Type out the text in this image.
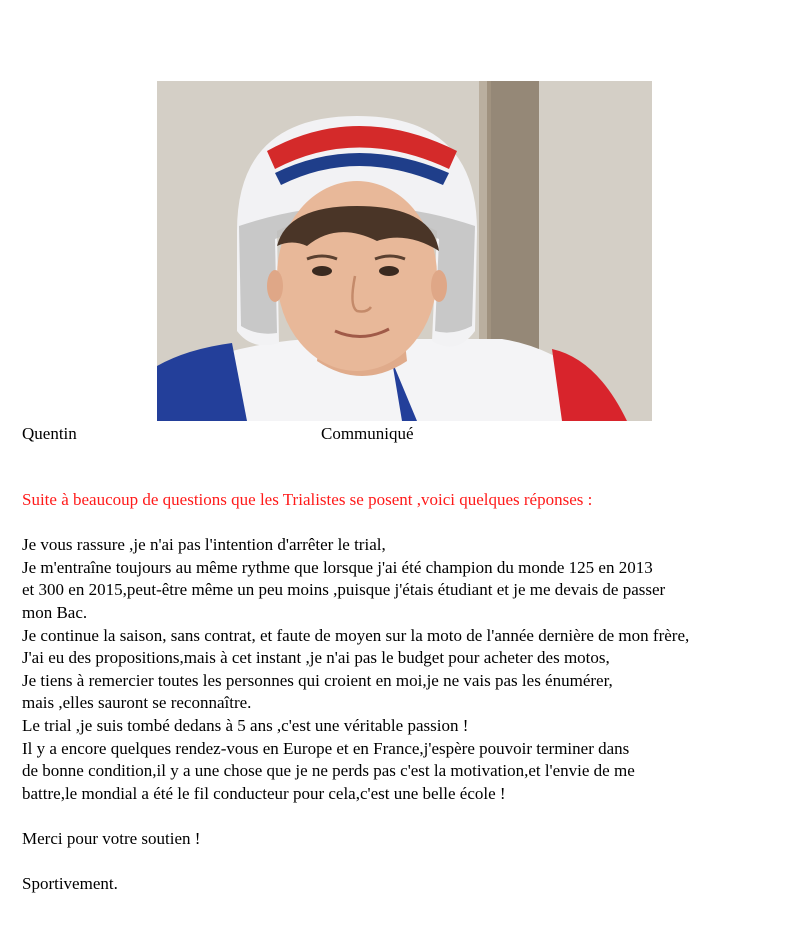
Quentin	Communiqué
Suite à beaucoup de questions que les Trialistes se posent ,voici quelques réponses :
Je vous rassure ,je n'ai pas l'intention d'arrêter le trial,
Je m'entraîne toujours au même rythme que lorsque j'ai été champion du monde 125 en 2013
et 300 en 2015,peut-être même un peu moins ,puisque j'étais étudiant et je me devais de passer
mon Bac.
Je continue la saison, sans contrat, et faute de moyen sur la moto de l'année dernière de mon frère,
J'ai eu des propositions,mais à cet instant ,je n'ai pas le budget pour acheter des motos,
Je tiens à remercier toutes les personnes qui croient en moi,je ne vais pas les énumérer,
mais ,elles sauront se reconnaître.
Le trial ,je suis tombé dedans à 5 ans ,c'est une véritable passion !
Il y a encore quelques rendez-vous en Europe et en France,j'espère pouvoir terminer dans
de bonne condition,il y a une chose que je ne perds pas c'est la motivation,et l'envie de me
battre,le mondial a été le fil conducteur pour cela,c'est une belle école !
Merci pour votre soutien !
Sportivement.
